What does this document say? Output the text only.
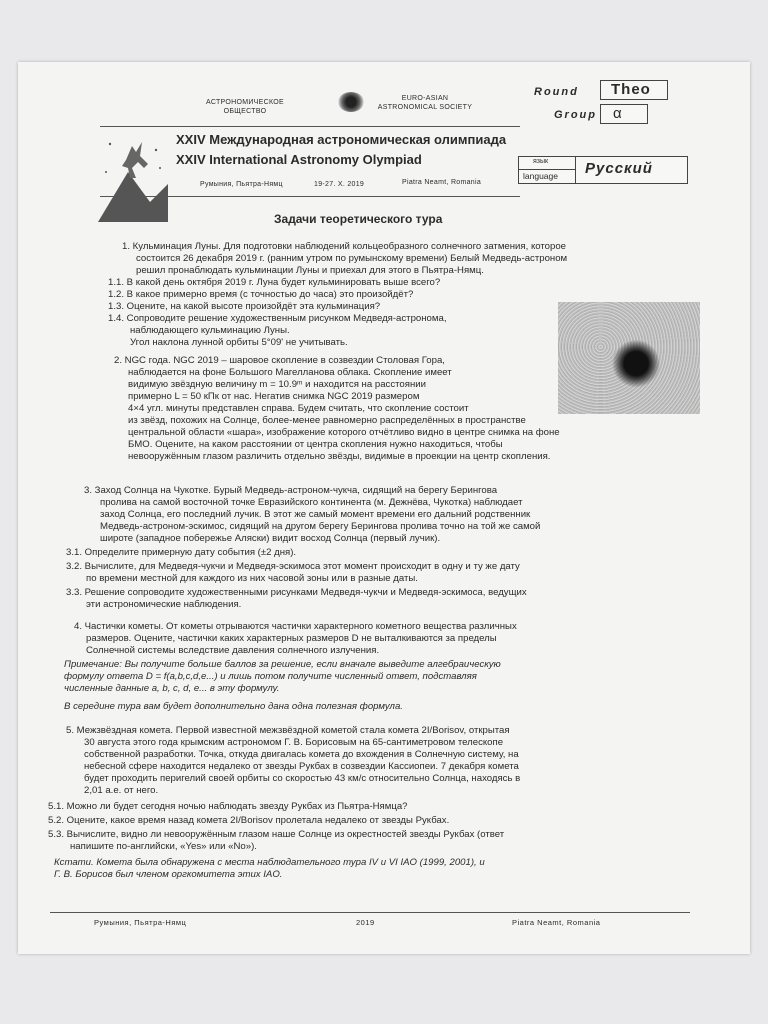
АСТРОНОМИЧЕСКОЕ
ОБЩЕСТВО
EURO-ASIAN
ASTRONOMICAL SOCIETY
Round Theo
Group α
XXIV Международная астрономическая олимпиада
XXIV International Astronomy Olympiad
Румыния, Пьятра-Нямц	19-27. X. 2019	Piatra Neamt, Romania
язык
language Русский
Задачи теоретического тура
1. Кульминация Луны. Для подготовки наблюдений кольцеобразного солнечного затмения, которое
состоится 26 декабря 2019 г. (ранним утром по румынскому времени) Белый Медведь-астроном
решил пронаблюдать кульминации Луны и приехал для этого в Пьятра-Нямц.
1.1. В какой день октября 2019 г. Луна будет кульминировать выше всего?
1.2. В какое примерно время (с точностью до часа) это произойдёт?
1.3. Оцените, на какой высоте произойдёт эта кульминация?
1.4. Сопроводите решение художественным рисунком Медведя-астронома,
наблюдающего кульминацию Луны.
Угол наклона лунной орбиты 5°09' не учитывать.
2. NGC года. NGC 2019 – шаровое скопление в созвездии Столовая Гора,
наблюдается на фоне Большого Магелланова облака. Скопление имеет
видимую звёздную величину m = 10.9ᵐ и находится на расстоянии
примерно L = 50 кПк от нас. Негатив снимка NGC 2019 размером
4×4 угл. минуты представлен справа. Будем считать, что скопление состоит
из звёзд, похожих на Солнце, более-менее равномерно распределённых в пространстве
центральной области «шара», изображение которого отчётливо видно в центре снимка на фоне
БМО. Оцените, на каком расстоянии от центра скопления нужно находиться, чтобы
невооружённым глазом различить отдельно звёзды, видимые в проекции на центр скопления.
3. Заход Солнца на Чукотке. Бурый Медведь-астроном-чукча, сидящий на берегу Берингова
пролива на самой восточной точке Евразийского континента (м. Дежнёва, Чукотка) наблюдает
заход Солнца, его последний лучик. В этот же самый момент времени его дальний родственник
Медведь-астроном-эскимос, сидящий на другом берегу Берингова пролива точно на той же самой
широте (западное побережье Аляски) видит восход Солнца (первый лучик).
3.1. Определите примерную дату события (±2 дня).
3.2. Вычислите, для Медведя-чукчи и Медведя-эскимоса этот момент происходит в одну и ту же дату
по времени местной для каждого из них часовой зоны или в разные даты.
3.3. Решение сопроводите художественными рисунками Медведя-чукчи и Медведя-эскимоса, ведущих
эти астрономические наблюдения.
4. Частички кометы. От кометы отрываются частички характерного кометного вещества различных
размеров. Оцените, частички каких характерных размеров D не выталкиваются за пределы
Солнечной системы вследствие давления солнечного излучения.
Примечание: Вы получите больше баллов за решение, если вначале выведите алгебраическую
формулу ответа D = f(a,b,c,d,e...) и лишь потом получите численный ответ, подставляя
численные данные a, b, c, d, e... в эту формулу.
В середине тура вам будет дополнительно дана одна полезная формула.
5. Межзвёздная комета. Первой известной межзвёздной кометой стала комета 2I/Borisov, открытая
30 августа этого года крымским астрономом Г. В. Борисовым на 65-сантиметровом телескопе
собственной разработки. Точка, откуда двигалась комета до вхождения в Солнечную систему, на
небесной сфере находится недалеко от звезды Рукбах в созвездии Кассиопеи. 7 декабря комета
будет проходить перигелий своей орбиты со скоростью 43 км/с относительно Солнца, находясь в
2,01 а.е. от него.
5.1. Можно ли будет сегодня ночью наблюдать звезду Рукбах из Пьятра-Нямца?
5.2. Оцените, какое время назад комета 2I/Borisov пролетала недалеко от звезды Рукбах.
5.3. Вычислите, видно ли невооружённым глазом наше Солнце из окрестностей звезды Рукбах (ответ
напишите по-английски, «Yes» или «No»).
Кстати. Комета была обнаружена с места наблюдательного тура IV и VI IAO (1999, 2001), и
Г. В. Борисов был членом оргкомитета этих IAO.
Румыния, Пьятра-Нямц	2019	Piatra Neamt, Romania
